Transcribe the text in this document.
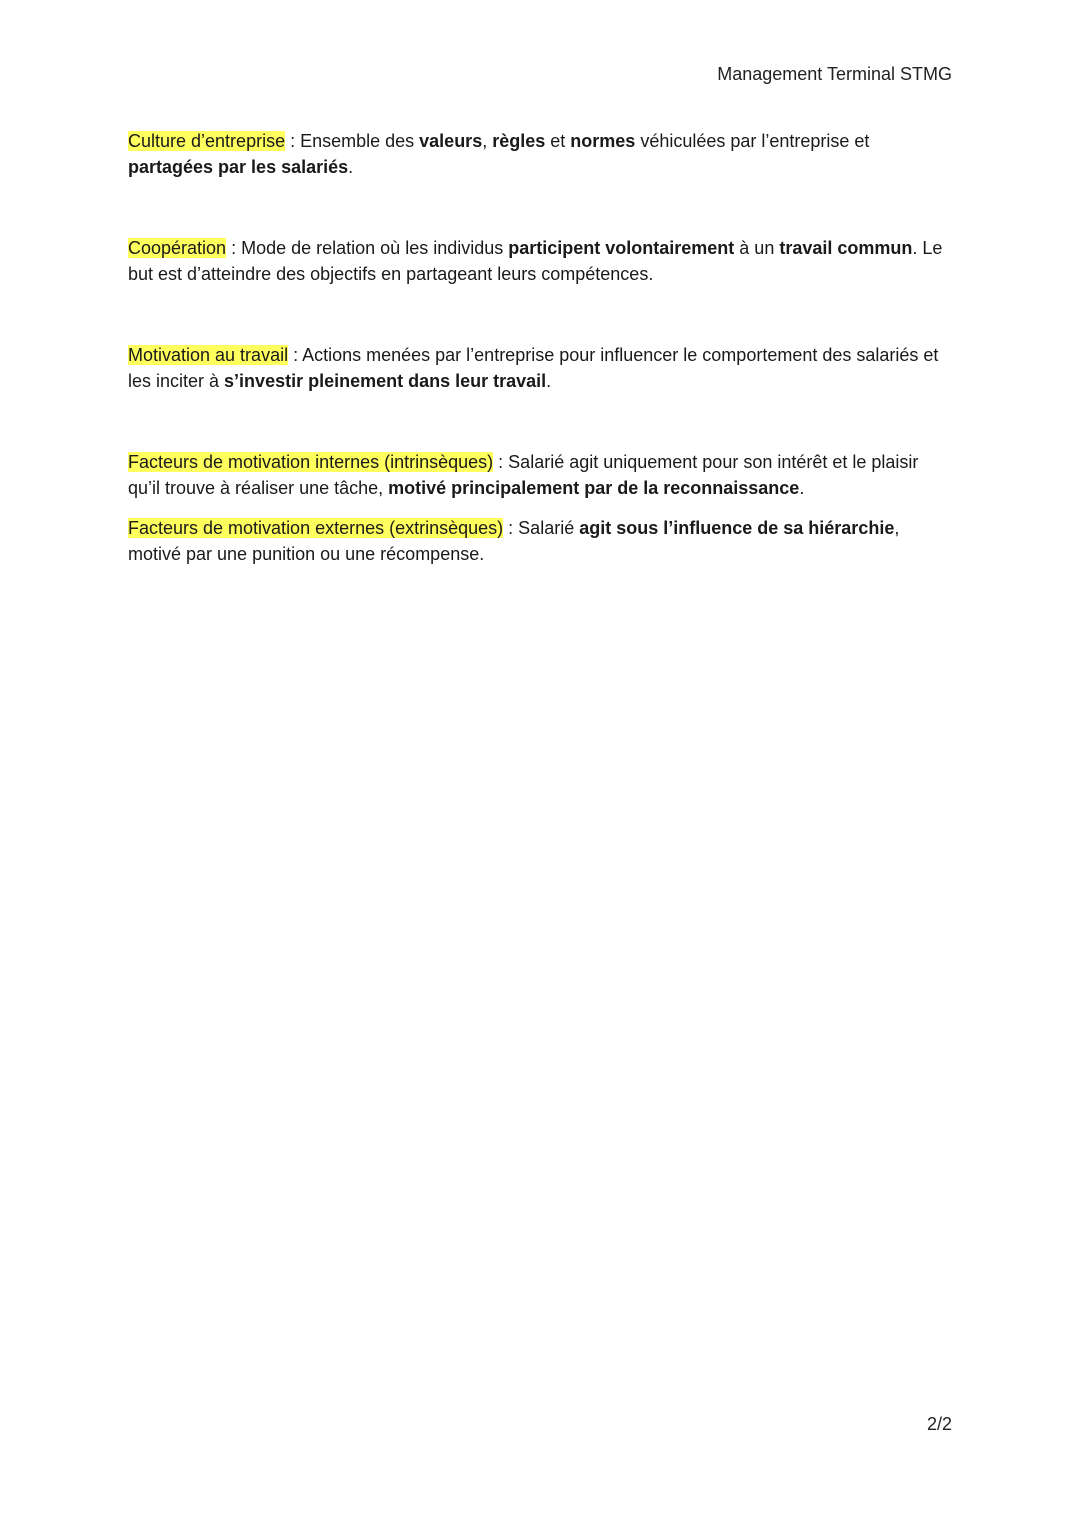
Management Terminal STMG

Culture d’entreprise : Ensemble des valeurs, règles et normes véhiculées par l’entreprise et partagées par les salariés.

Coopération : Mode de relation où les individus participent volontairement à un travail commun. Le but est d’atteindre des objectifs en partageant leurs compétences.

Motivation au travail : Actions menées par l’entreprise pour influencer le comportement des salariés et les inciter à s’investir pleinement dans leur travail.

Facteurs de motivation internes (intrinsèques) : Salarié agit uniquement pour son intérêt et le plaisir qu’il trouve à réaliser une tâche, motivé principalement par de la reconnaissance.

Facteurs de motivation externes (extrinsèques) : Salarié agit sous l’influence de sa hiérarchie, motivé par une punition ou une récompense.

2/2
